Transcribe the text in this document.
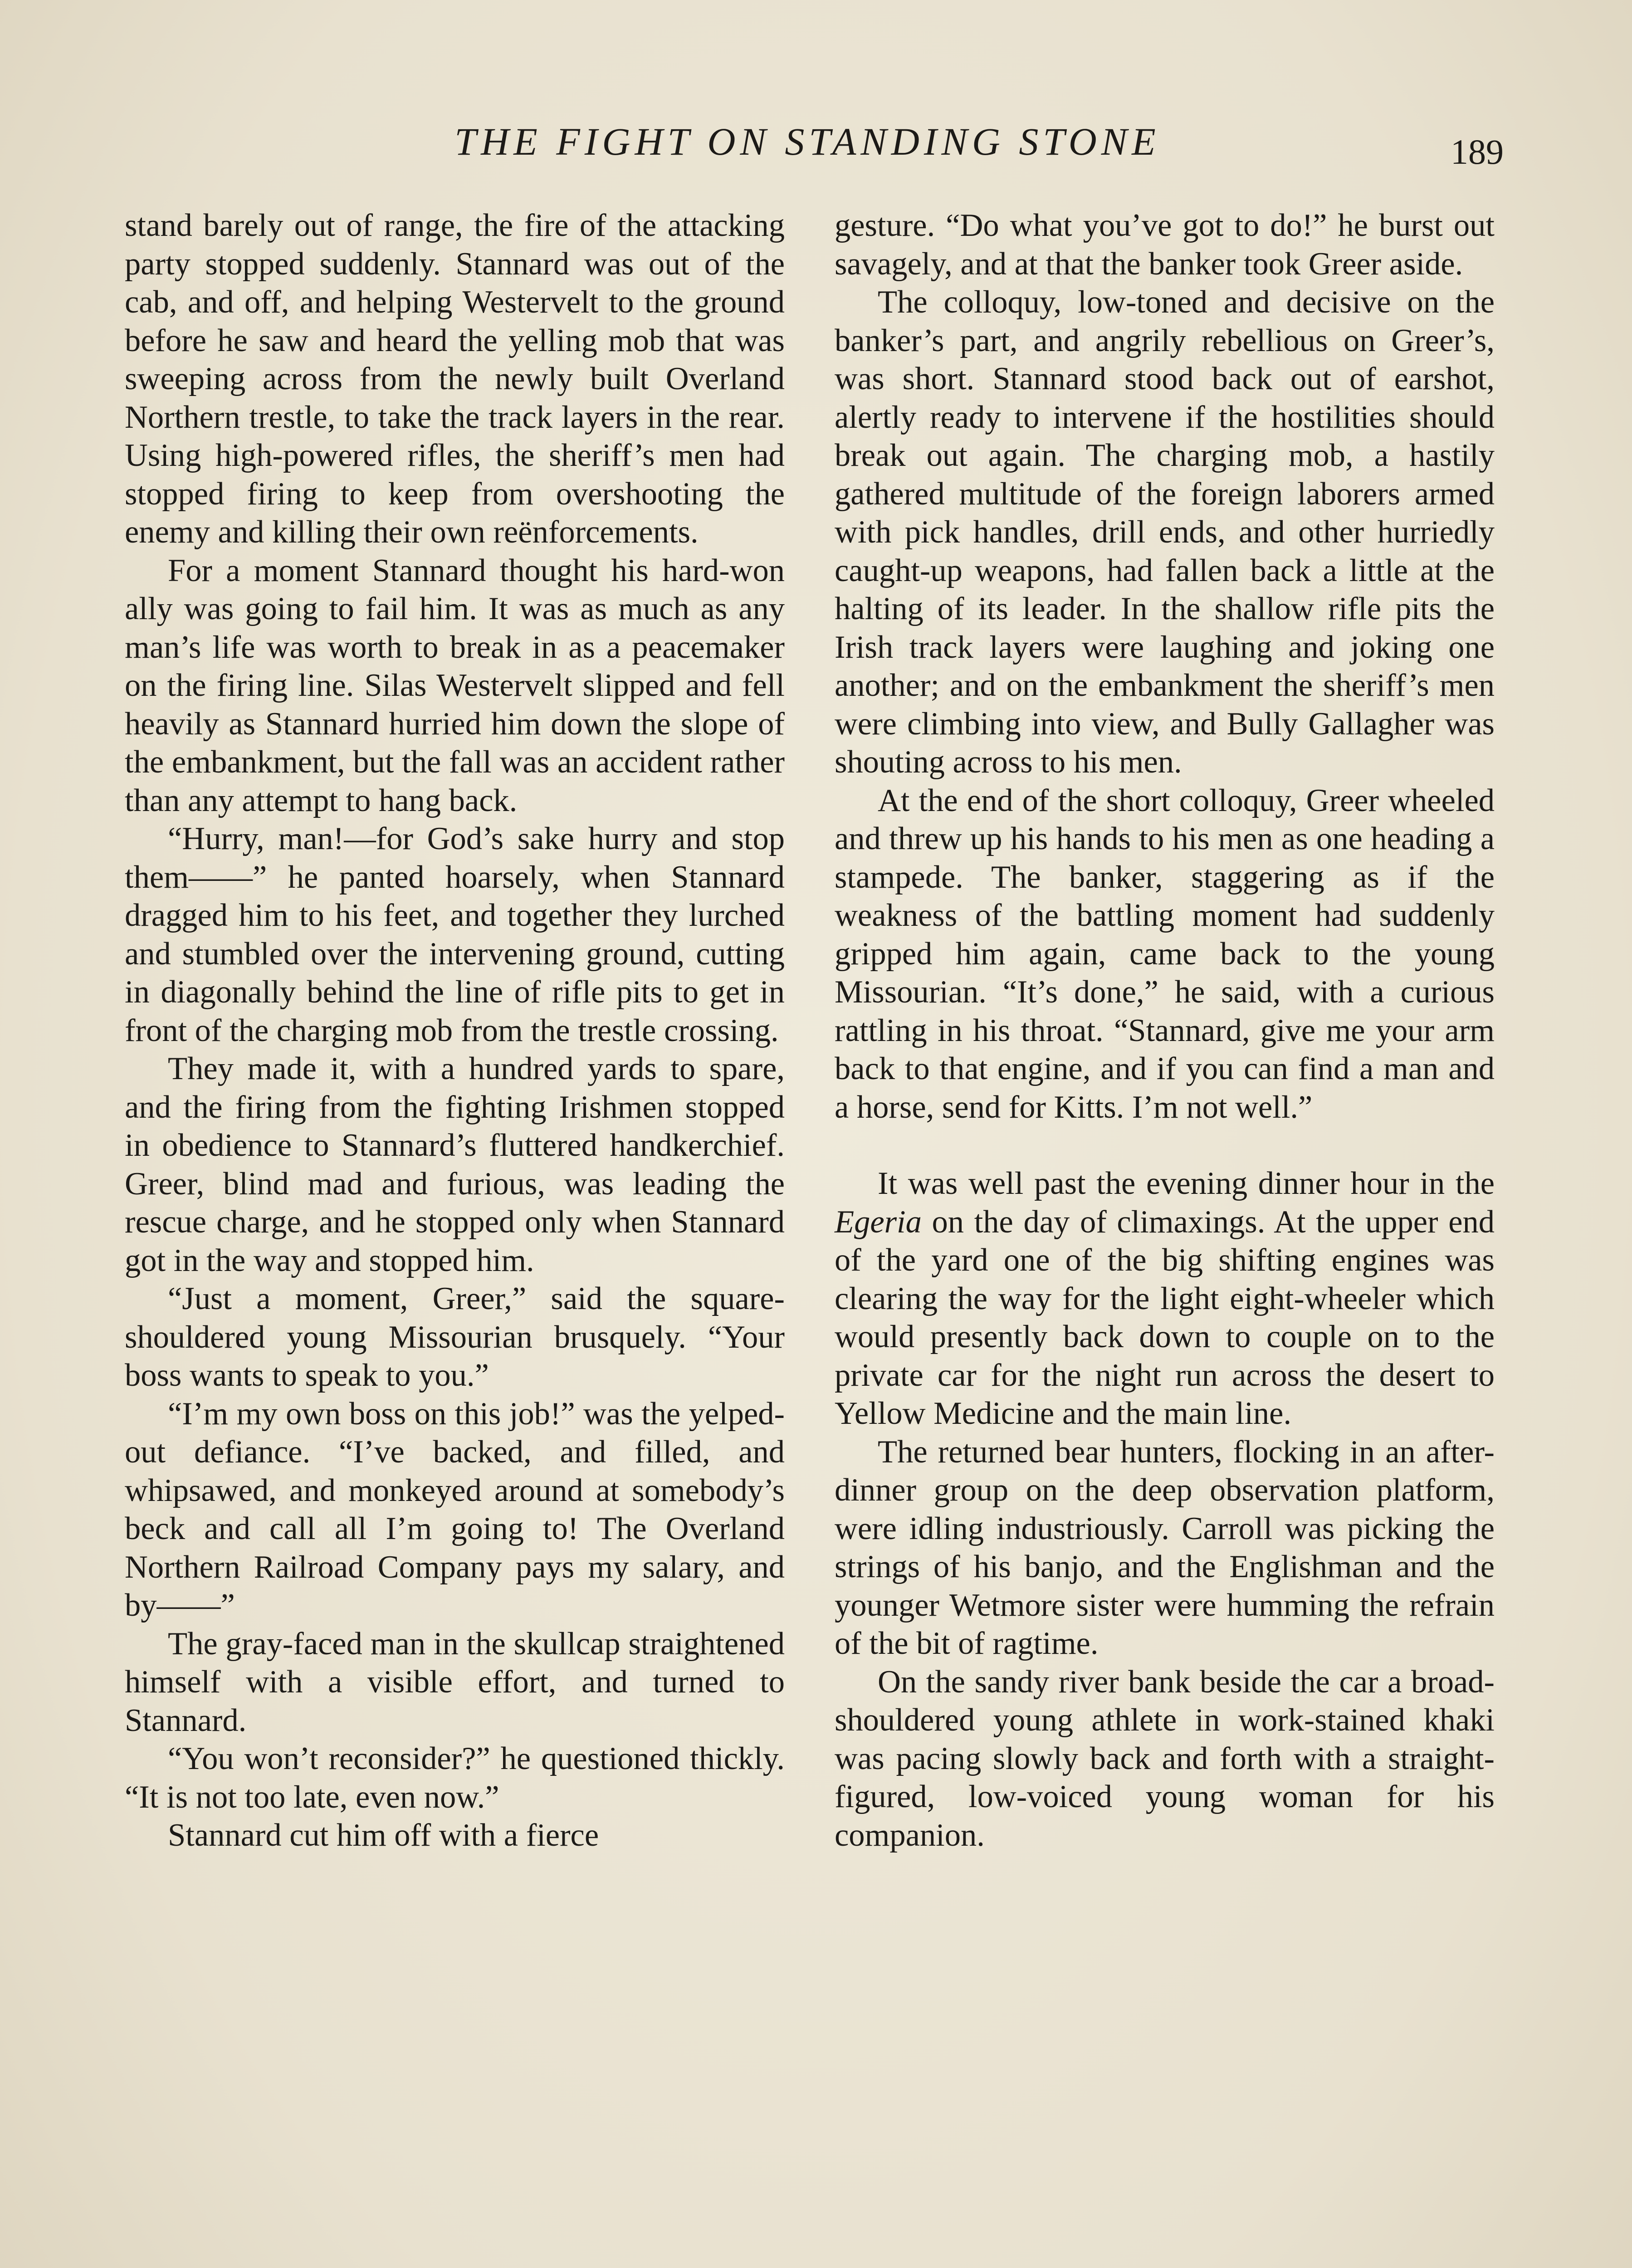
THE FIGHT ON STANDING STONE	189

stand barely out of range, the fire of the attacking party stopped suddenly. Stannard was out of the cab, and off, and helping Westervelt to the ground before he saw and heard the yelling mob that was sweeping across from the newly built Overland Northern trestle, to take the track layers in the rear. Using high-powered rifles, the sheriff’s men had stopped firing to keep from overshooting the enemy and killing their own reënforcements.

For a moment Stannard thought his hard-won ally was going to fail him. It was as much as any man’s life was worth to break in as a peacemaker on the firing line. Silas Westervelt slipped and fell heavily as Stannard hurried him down the slope of the embankment, but the fall was an accident rather than any attempt to hang back.

“Hurry, man!—for God’s sake hurry and stop them——” he panted hoarsely, when Stannard dragged him to his feet, and together they lurched and stumbled over the intervening ground, cutting in diagonally behind the line of rifle pits to get in front of the charging mob from the trestle crossing.

They made it, with a hundred yards to spare, and the firing from the fighting Irishmen stopped in obedience to Stannard’s fluttered handkerchief. Greer, blind mad and furious, was leading the rescue charge, and he stopped only when Stannard got in the way and stopped him.

“Just a moment, Greer,” said the square-shouldered young Missourian brusquely. “Your boss wants to speak to you.”

“I’m my own boss on this job!” was the yelped-out defiance. “I’ve backed, and filled, and whipsawed, and monkeyed around at somebody’s beck and call all I’m going to! The Overland Northern Railroad Company pays my salary, and by——”

The gray-faced man in the skullcap straightened himself with a visible effort, and turned to Stannard.

“You won’t reconsider?” he questioned thickly. “It is not too late, even now.”

Stannard cut him off with a fierce

gesture. “Do what you’ve got to do!” he burst out savagely, and at that the banker took Greer aside.

The colloquy, low-toned and decisive on the banker’s part, and angrily rebellious on Greer’s, was short. Stannard stood back out of earshot, alertly ready to intervene if the hostilities should break out again. The charging mob, a hastily gathered multitude of the foreign laborers armed with pick handles, drill ends, and other hurriedly caught-up weapons, had fallen back a little at the halting of its leader. In the shallow rifle pits the Irish track layers were laughing and joking one another; and on the embankment the sheriff’s men were climbing into view, and Bully Gallagher was shouting across to his men.

At the end of the short colloquy, Greer wheeled and threw up his hands to his men as one heading a stampede. The banker, staggering as if the weakness of the battling moment had suddenly gripped him again, came back to the young Missourian. “It’s done,” he said, with a curious rattling in his throat. “Stannard, give me your arm back to that engine, and if you can find a man and a horse, send for Kitts. I’m not well.”

It was well past the evening dinner hour in the Egeria on the day of climaxings. At the upper end of the yard one of the big shifting engines was clearing the way for the light eight-wheeler which would presently back down to couple on to the private car for the night run across the desert to Yellow Medicine and the main line.

The returned bear hunters, flocking in an after-dinner group on the deep observation platform, were idling industriously. Carroll was picking the strings of his banjo, and the Englishman and the younger Wetmore sister were humming the refrain of the bit of ragtime.

On the sandy river bank beside the car a broad-shouldered young athlete in work-stained khaki was pacing slowly back and forth with a straight-figured, low-voiced young woman for his companion.
